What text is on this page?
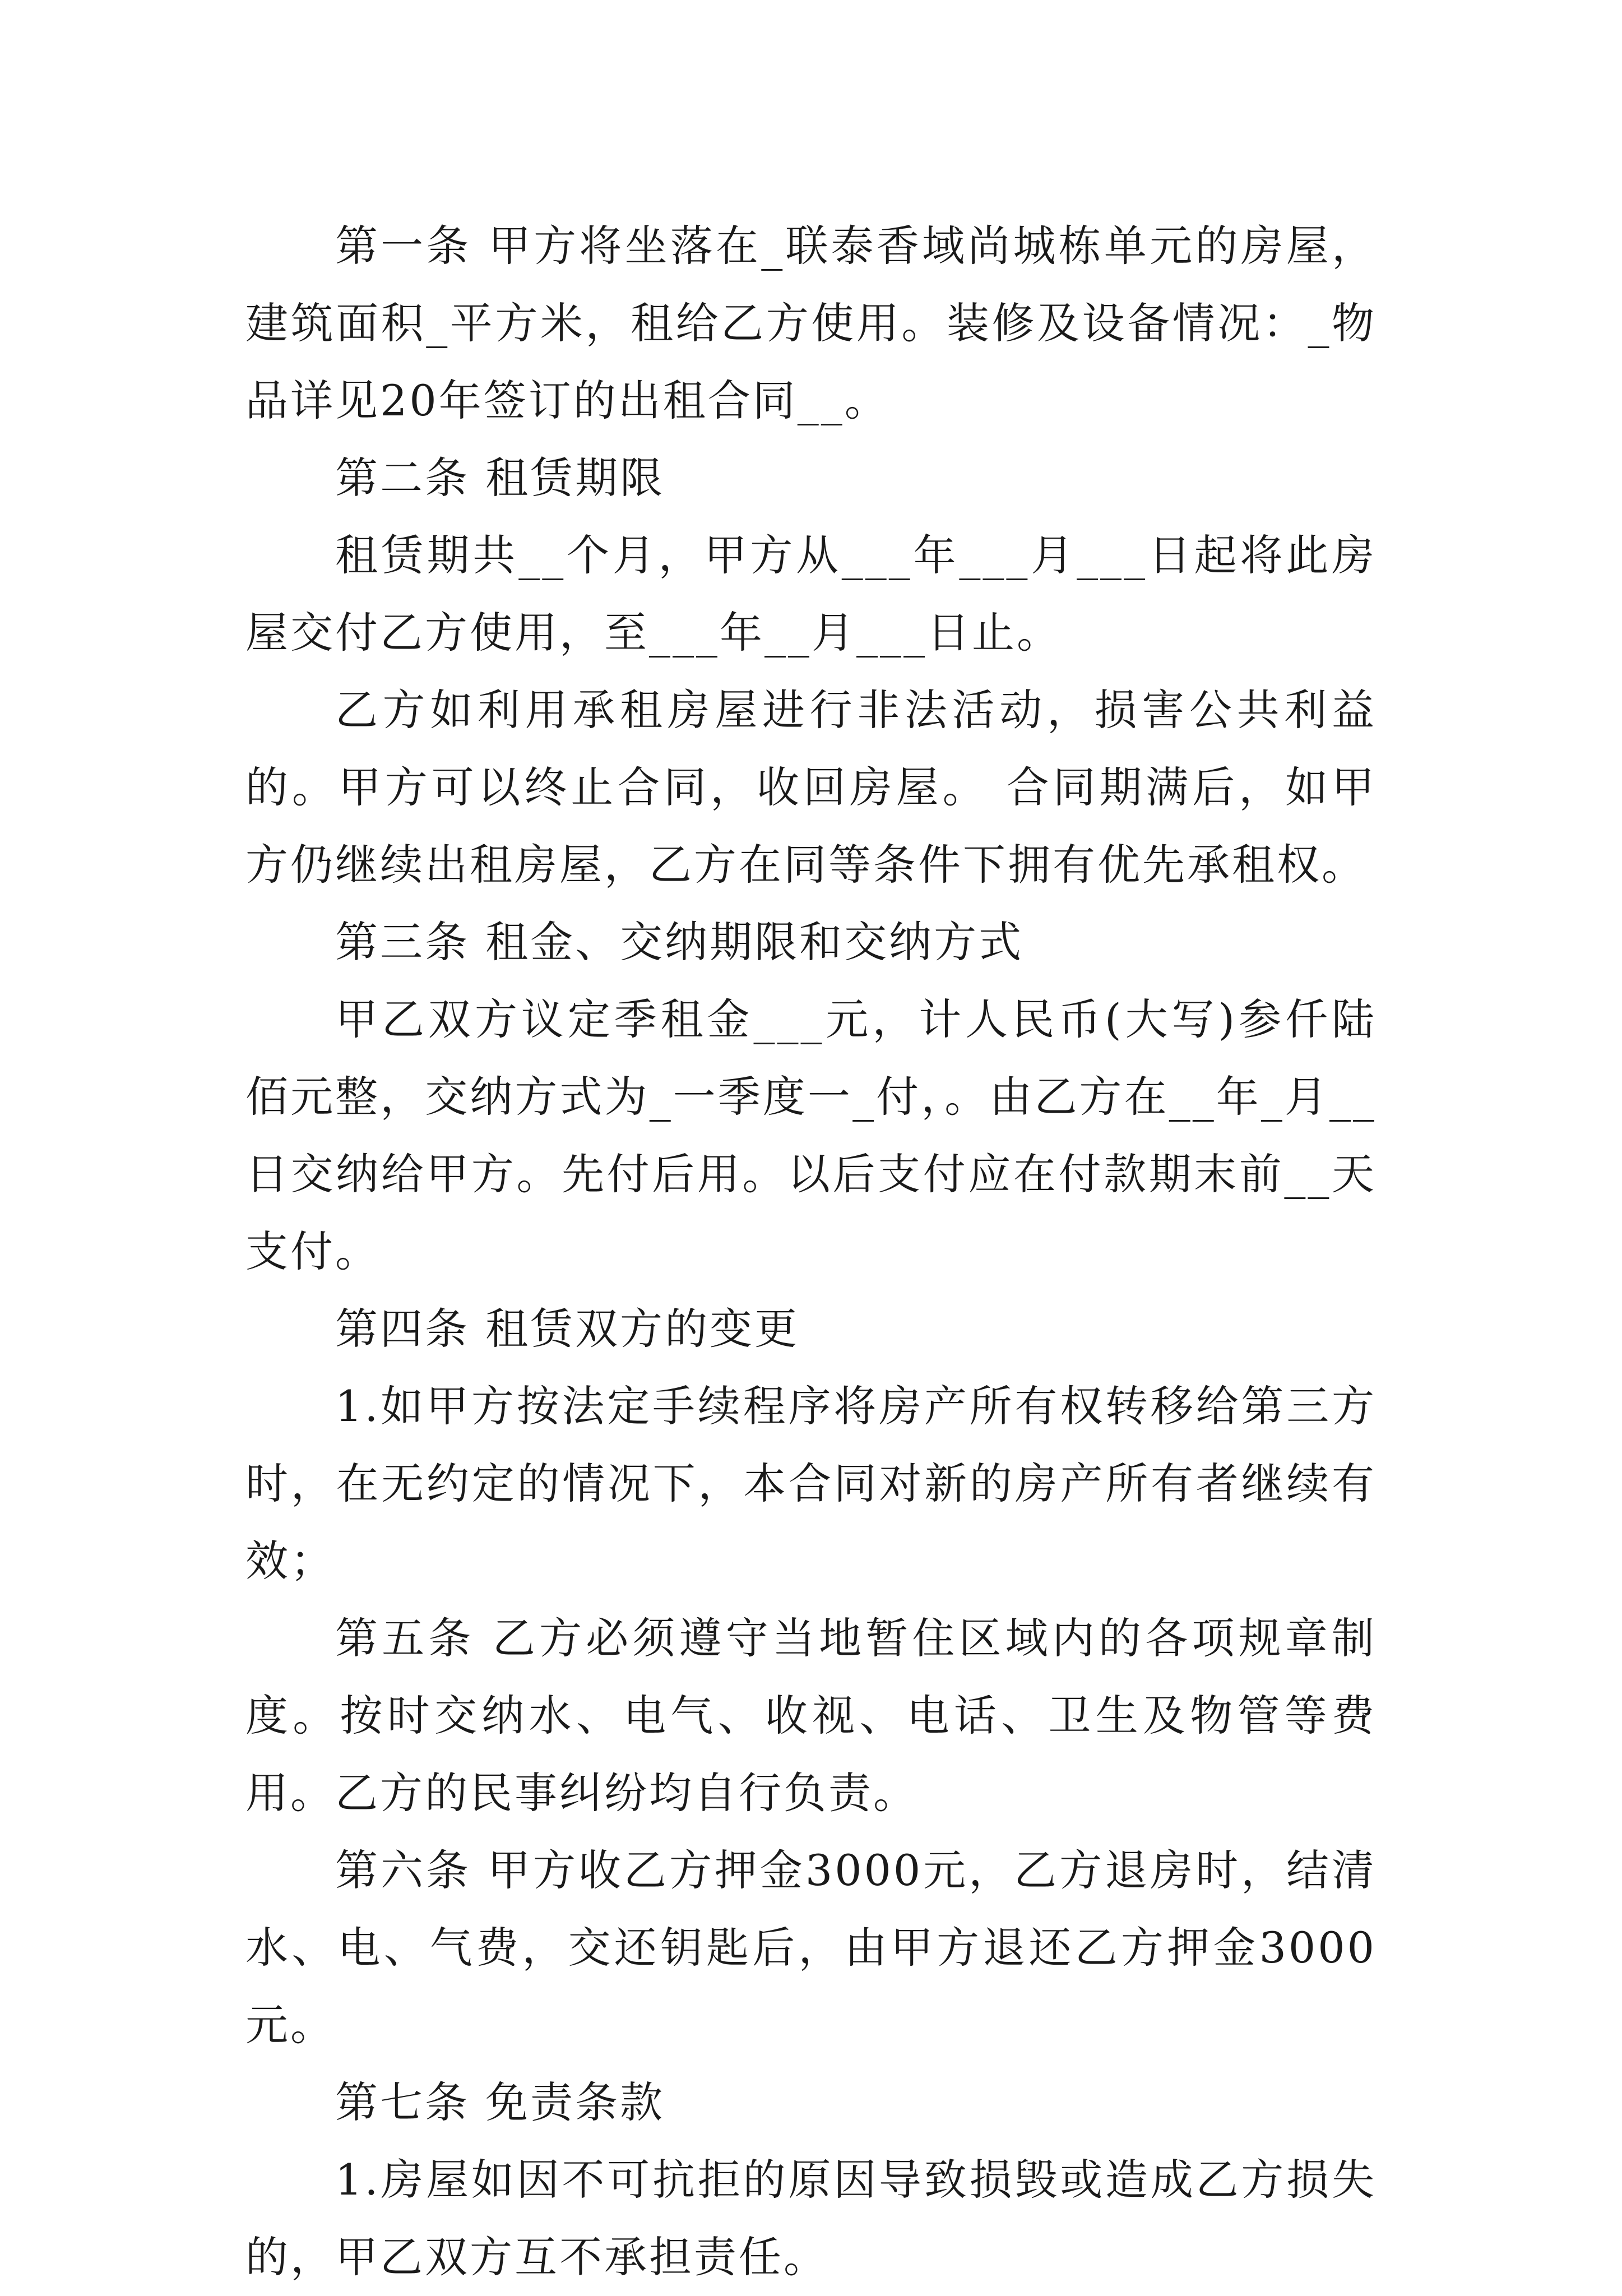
第一条 甲方将坐落在_联泰香域尚城栋单元的房屋，建筑面积_平方米，租给乙方使用。装修及设备情况：_物品详见20年签订的出租合同__。

第二条 租赁期限

租赁期共__个月，甲方从___年___月___日起将此房屋交付乙方使用，至___年__月___日止。

乙方如利用承租房屋进行非法活动，损害公共利益的。甲方可以终止合同，收回房屋。 合同期满后，如甲方仍继续出租房屋，乙方在同等条件下拥有优先承租权。

第三条 租金、交纳期限和交纳方式

甲乙双方议定季租金___元，计人民币(大写)参仟陆佰元整，交纳方式为_一季度一_付，。由乙方在__年_月__日交纳给甲方。先付后用。以后支付应在付款期末前__天支付。

第四条 租赁双方的变更

1.如甲方按法定手续程序将房产所有权转移给第三方时，在无约定的情况下，本合同对新的房产所有者继续有效；

第五条 乙方必须遵守当地暂住区域内的各项规章制度。按时交纳水、电气、收视、电话、卫生及物管等费用。乙方的民事纠纷均自行负责。

第六条 甲方收乙方押金3000元，乙方退房时，结清水、电、气费，交还钥匙后，由甲方退还乙方押金3000元。

第七条 免责条款

1.房屋如因不可抗拒的原因导致损毁或造成乙方损失的，甲乙双方互不承担责任。
